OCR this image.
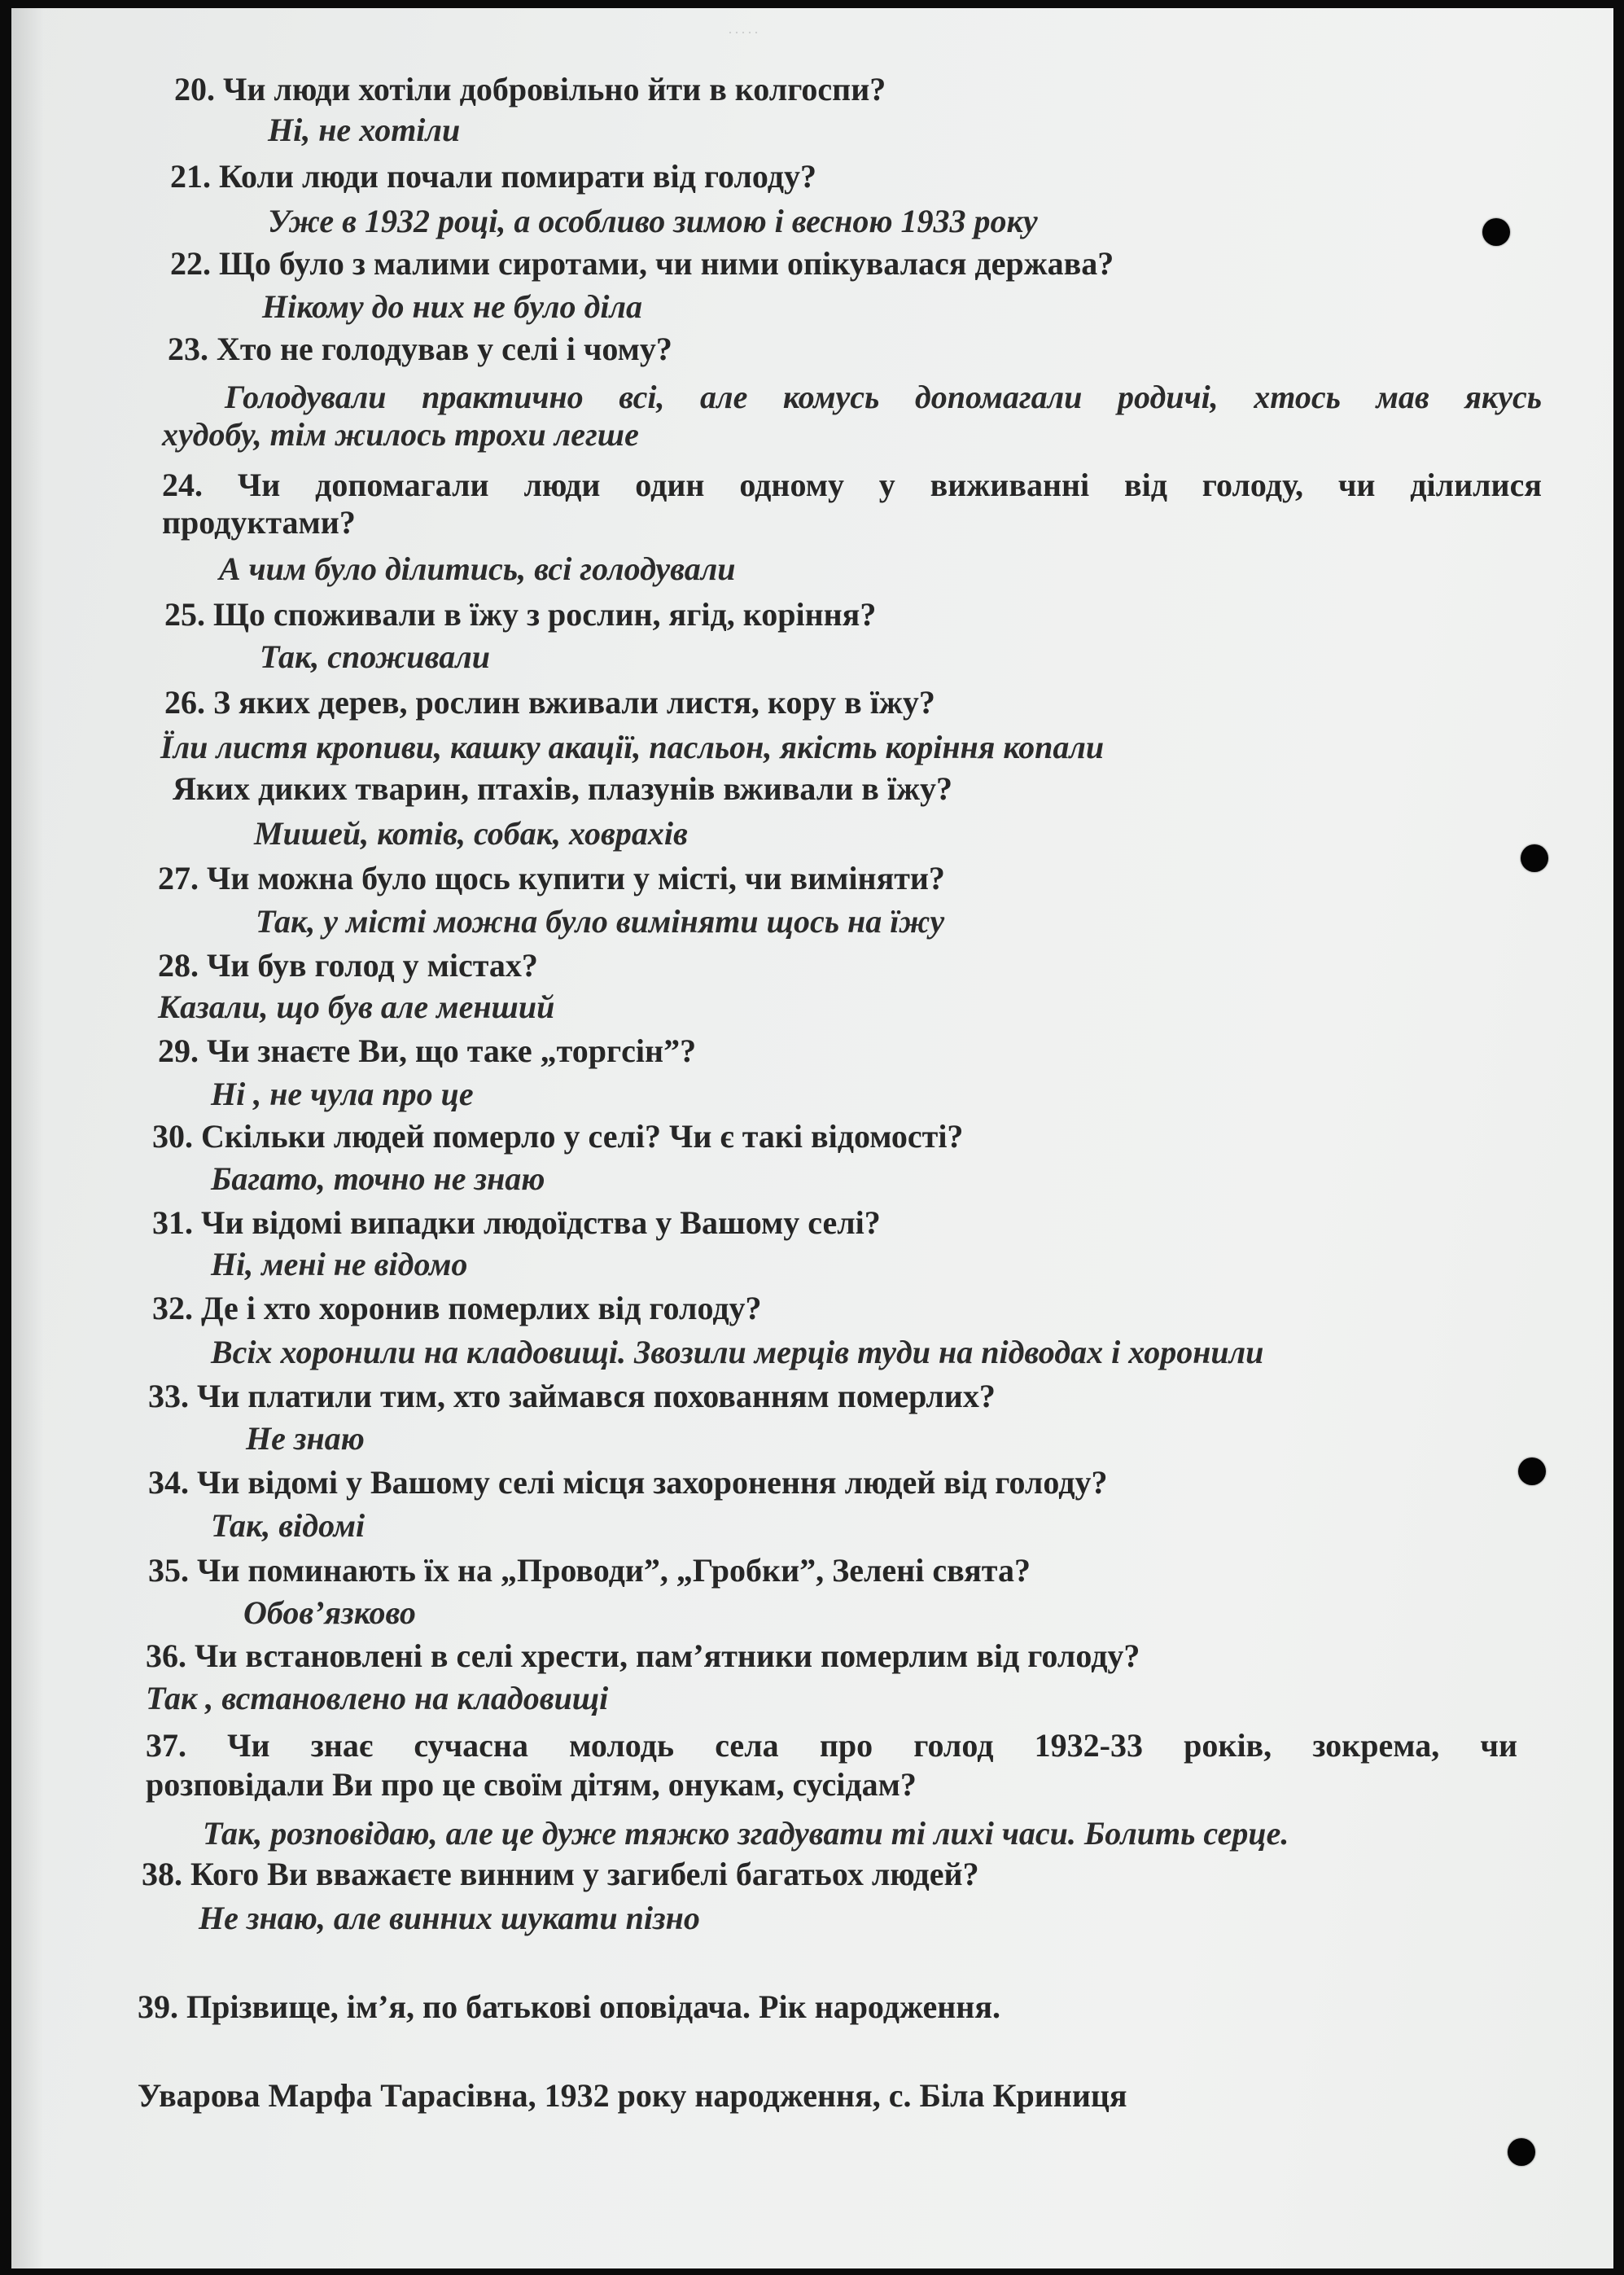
·····

20. Чи люди хотіли добровільно йти в колгоспи?

Ні, не хотіли

21. Коли люди почали помирати від голоду?

Уже в 1932 році, а особливо зимою і весною 1933 року

22. Що було з малими сиротами, чи ними опікувалася держава?

Нікому до них не було діла

23. Хто не голодував у селі і чому?

Голодували практично всі, але комусь допомагали родичі, хтось мав якусь

худобу, тім жилось трохи легше

24. Чи допомагали люди один одному у виживанні від голоду, чи ділилися

продуктами?

А чим було ділитись, всі голодували

25. Що споживали в їжу з рослин, ягід, коріння?

Так, споживали

26. З яких дерев, рослин вживали листя, кору в їжу?

Їли листя кропиви, кашку акації, пасльон, якість коріння копали

Яких диких тварин, птахів, плазунів вживали в їжу?

Мишей, котів, собак, ховрахів

27. Чи можна було щось купити у місті, чи виміняти?

Так, у місті можна було виміняти щось на їжу

28. Чи був голод у містах?

Казали, що був але менший

29. Чи знаєте Ви, що таке „торгсін”?

Ні , не чула про це

30. Скільки людей померло у селі? Чи є такі відомості?

Багато, точно не знаю

31. Чи відомі випадки людоїдства у Вашому селі?

Ні, мені не відомо

32. Де і хто хоронив померлих від голоду?

Всіх хоронили на кладовищі. Звозили мерців туди на підводах і хоронили

33. Чи платили тим, хто займався похованням померлих?

Не знаю

34. Чи відомі у Вашому селі місця захоронення людей від голоду?

Так, відомі

35. Чи поминають їх на „Проводи”, „Гробки”, Зелені свята?

Обов’язково

36. Чи встановлені в селі хрести, пам’ятники померлим від голоду?

Так , встановлено на кладовищі

37. Чи знає сучасна молодь села про голод 1932-33 років, зокрема, чи

розповідали Ви про це своїм дітям, онукам, сусідам?

Так, розповідаю, але це дуже тяжко згадувати ті лихі часи. Болить серце.

38. Кого Ви вважаєте винним у загибелі багатьох людей?

Не знаю, але винних шукати пізно

39. Прізвище, ім’я, по батькові оповідача. Рік народження.

Уварова Марфа Тарасівна, 1932 року народження, с. Біла Криниця
